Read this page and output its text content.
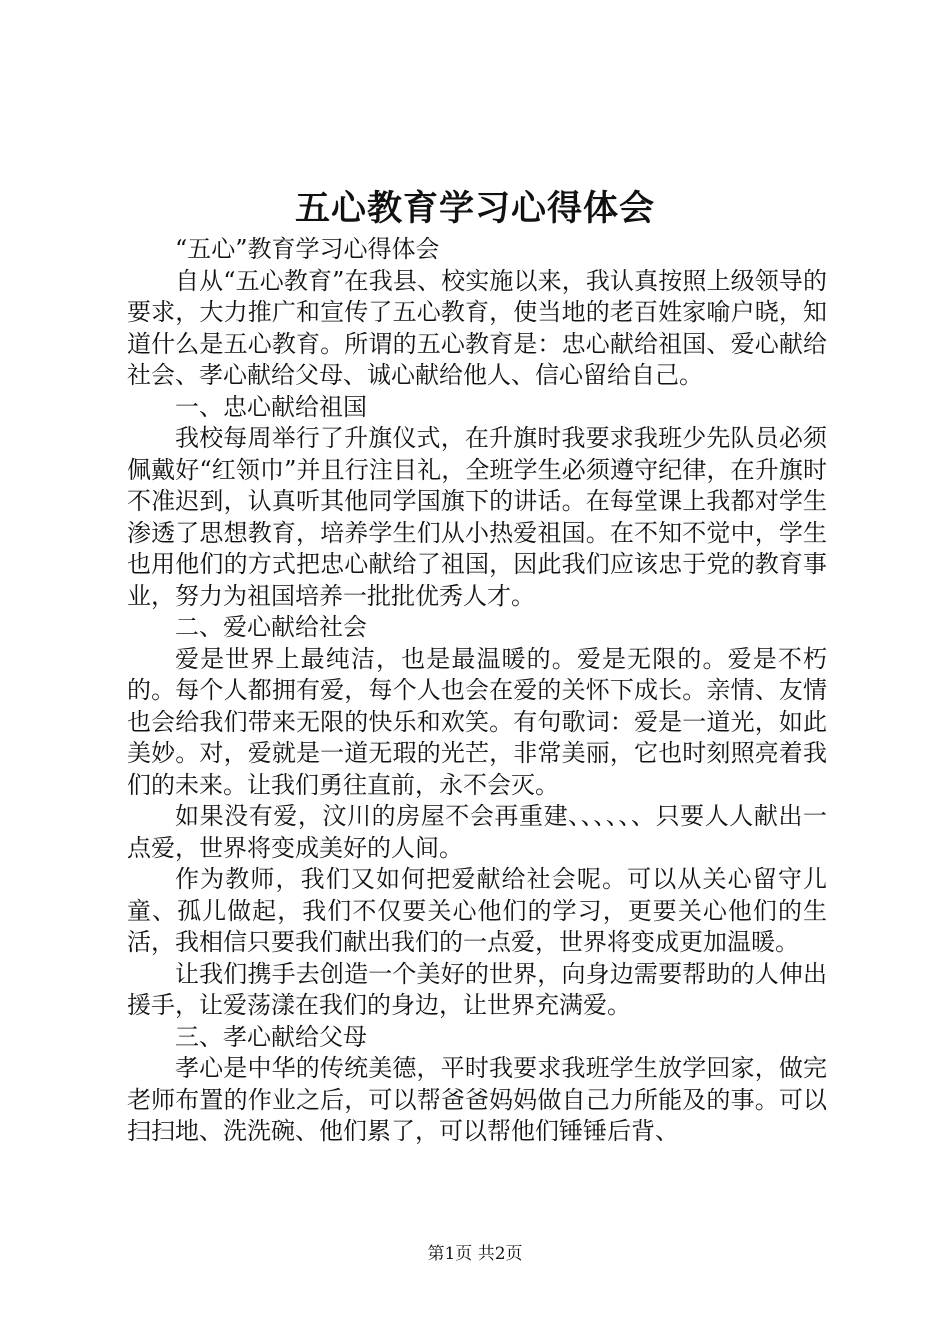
五心教育学习心得体会

“五心”教育学习心得体会

自从“五心教育”在我县、校实施以来，我认真按照上级领导的要求，大力推广和宣传了五心教育，使当地的老百姓家喻户晓，知道什么是五心教育。所谓的五心教育是：忠心献给祖国、爱心献给社会、孝心献给父母、诚心献给他人、信心留给自己。

一、忠心献给祖国

我校每周举行了升旗仪式，在升旗时我要求我班少先队员必须佩戴好“红领巾”并且行注目礼，全班学生必须遵守纪律，在升旗时不准迟到，认真听其他同学国旗下的讲话。在每堂课上我都对学生渗透了思想教育，培养学生们从小热爱祖国。在不知不觉中，学生也用他们的方式把忠心献给了祖国，因此我们应该忠于党的教育事业，努力为祖国培养一批批优秀人才。

二、爱心献给社会

爱是世界上最纯洁，也是最温暖的。爱是无限的。爱是不朽的。每个人都拥有爱，每个人也会在爱的关怀下成长。亲情、友情也会给我们带来无限的快乐和欢笑。有句歌词：爱是一道光，如此美妙。对，爱就是一道无瑕的光芒，非常美丽，它也时刻照亮着我们的未来。让我们勇往直前，永不会灭。

如果没有爱，汶川的房屋不会再重建、、、、、、只要人人献出一点爱，世界将变成美好的人间。

作为教师，我们又如何把爱献给社会呢。可以从关心留守儿童、孤儿做起，我们不仅要关心他们的学习，更要关心他们的生活，我相信只要我们献出我们的一点爱，世界将变成更加温暖。

让我们携手去创造一个美好的世界，向身边需要帮助的人伸出援手，让爱荡漾在我们的身边，让世界充满爱。

三、孝心献给父母

孝心是中华的传统美德，平时我要求我班学生放学回家，做完老师布置的作业之后，可以帮爸爸妈妈做自己力所能及的事。可以扫扫地、洗洗碗、他们累了，可以帮他们锤锤后背、

第1页 共2页
